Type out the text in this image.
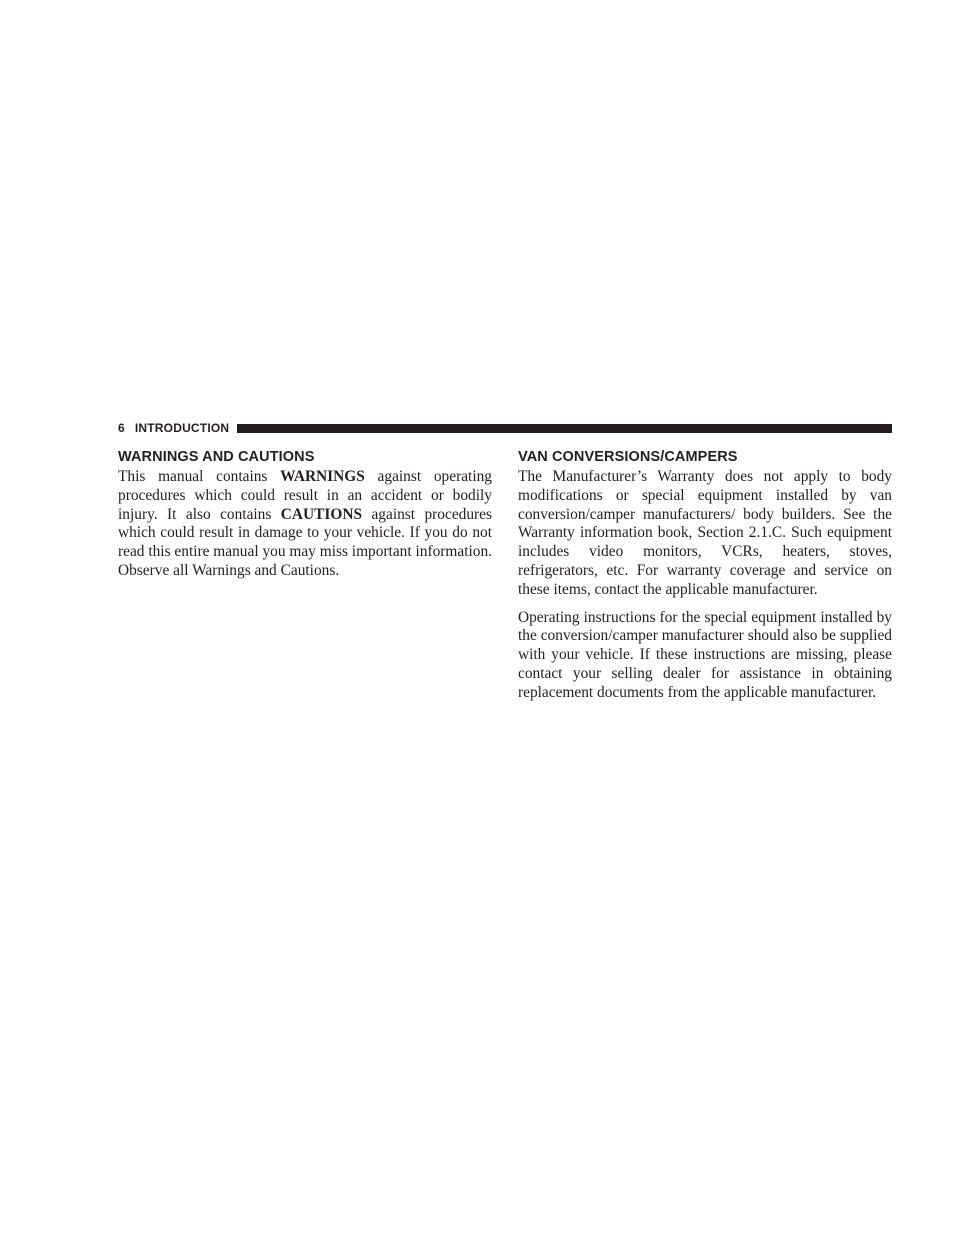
6 INTRODUCTION
WARNINGS AND CAUTIONS

This manual contains WARNINGS against operating procedures which could result in an accident or bodily injury. It also contains CAUTIONS against procedures which could result in damage to your vehicle. If you do not read this entire manual you may miss important information. Observe all Warnings and Cautions.

VAN CONVERSIONS/CAMPERS

The Manufacturer’s Warranty does not apply to body modifications or special equipment installed by van conversion/camper manufacturers/ body builders. See the Warranty information book, Section 2.1.C. Such equipment includes video monitors, VCRs, heaters, stoves, refrigerators, etc. For warranty coverage and service on these items, contact the applicable manufacturer.

Operating instructions for the special equipment installed by the conversion/camper manufacturer should also be supplied with your vehicle. If these instructions are missing, please contact your selling dealer for assistance in obtaining replacement documents from the applicable manufacturer.
